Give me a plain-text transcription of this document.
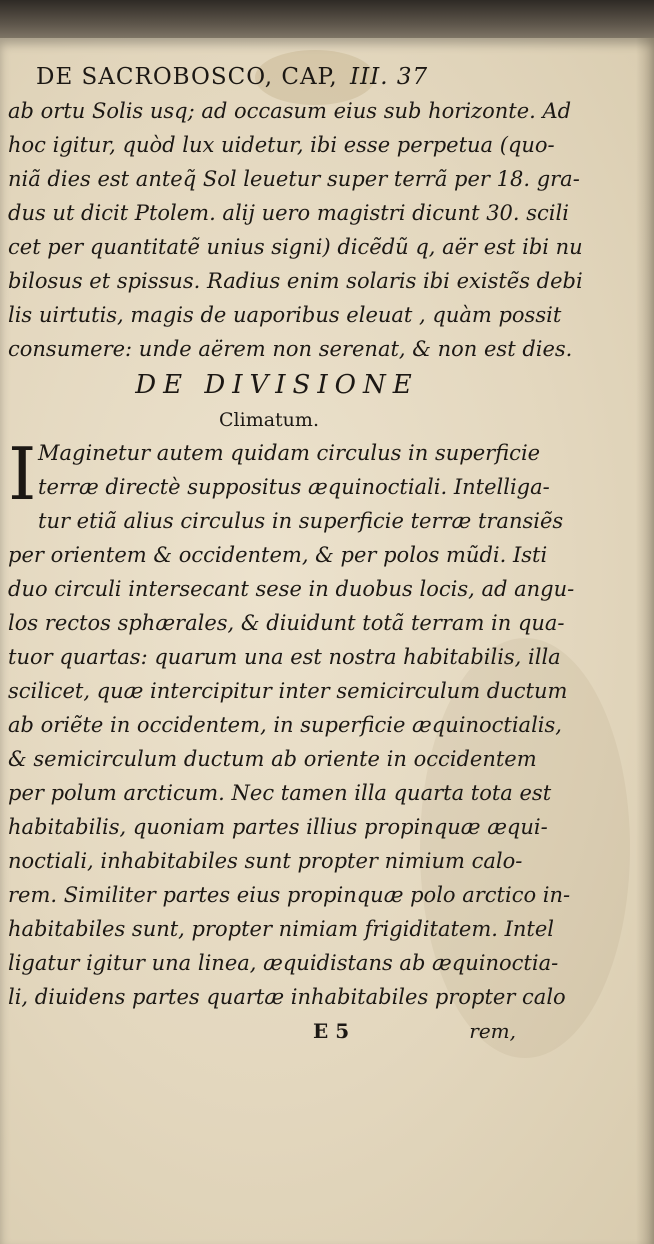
DE SACROBOSCO, CAP, III. 37
ab ortu Solis usq; ad occasum eius sub horizonte. Ad
hoc igitur, quòd lux uidetur, ibi esse perpetua (quo-
niã dies est anteq̃ Sol leuetur super terrã per 18. gra-
dus ut dicit Ptolem. alij uero magistri dicunt 30. scili
cet per quantitatẽ unius signi) dicẽdũ q, aër est ibi nu
bilosus et spissus. Radius enim solaris ibi existẽs debi
lis uirtutis, magis de uaporibus eleuat , quàm possit
consumere: unde aërem non serenat, & non est dies.
DE DIVISIONE
Climatum.
I Maginetur autem quidam circulus in superficie
terræ directè suppositus æquinoctiali. Intelliga-
tur etiã alius circulus in superficie terræ transiẽs
per orientem & occidentem, & per polos mũdi. Isti
duo circuli intersecant sese in duobus locis, ad angu-
los rectos sphærales, & diuidunt totã terram in qua-
tuor quartas: quarum una est nostra habitabilis, illa
scilicet, quæ intercipitur inter semicirculum ductum
ab oriẽte in occidentem, in superficie æquinoctialis,
& semicirculum ductum ab oriente in occidentem
per polum arcticum. Nec tamen illa quarta tota est
habitabilis, quoniam partes illius propinquæ æqui-
noctiali, inhabitabiles sunt propter nimium calo-
rem. Similiter partes eius propinquæ polo arctico in-
habitabiles sunt, propter nimiam frigiditatem. Intel
ligatur igitur una linea, æquidistans ab æquinoctia-
li, diuidens partes quartæ inhabitabiles propter calo
E 5	rem,
